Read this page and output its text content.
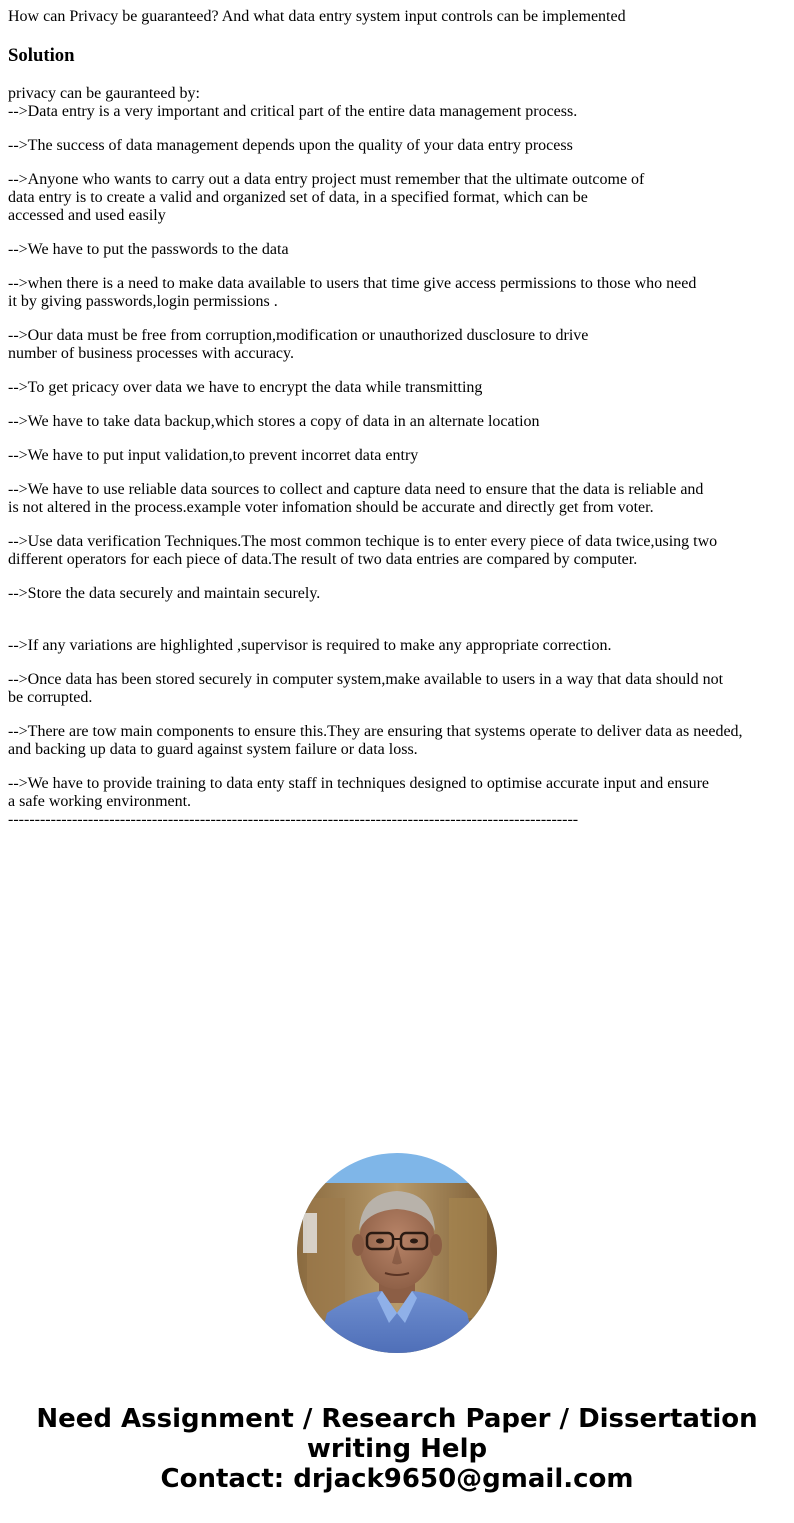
How can Privacy be guaranteed? And what data entry system input controls can be implemented
Solution
privacy can be gauranteed by:

-->Data entry is a very important and critical part of the entire data management process.

-->The success of data management depends upon the quality of your data entry process

-->Anyone who wants to carry out a data entry project must remember that the ultimate outcome of
data entry is to create a valid and organized set of data, in a specified format, which can be
accessed and used easily

-->We have to put the passwords to the data

-->when there is a need to make data available to users that time give access permissions to those who need
it by giving passwords,login permissions .

-->Our data must be free from corruption,modification or unauthorized dusclosure to drive
number of business processes with accuracy.

-->To get pricacy over data we have to encrypt the data while transmitting

-->We have to take data backup,which stores a copy of data in an alternate location

-->We have to put input validation,to prevent incorret data entry

-->We have to use reliable data sources to collect and capture data need to ensure that the data is reliable and
is not altered in the process.example voter infomation should be accurate and directly get from voter.

-->Use data verification Techniques.The most common techique is to enter every piece of data twice,using two
different operators for each piece of data.The result of two data entries are compared by computer.

-->Store the data securely and maintain securely.

-->If any variations are highlighted ,supervisor is required to make any appropriate correction.

-->Once data has been stored securely in computer system,make available to users in a way that data should not
be corrupted.

-->There are tow main components to ensure this.They are ensuring that systems operate to deliver data as needed,
and backing up data to guard against system failure or data loss.

-->We have to provide training to data enty staff in techniques designed to optimise accurate input and ensure
a safe working environment.

-----------------------------------------------------------------------------------------------------------
Need Assignment / Research Paper / Dissertation
writing Help
Contact: drjack9650@gmail.com
